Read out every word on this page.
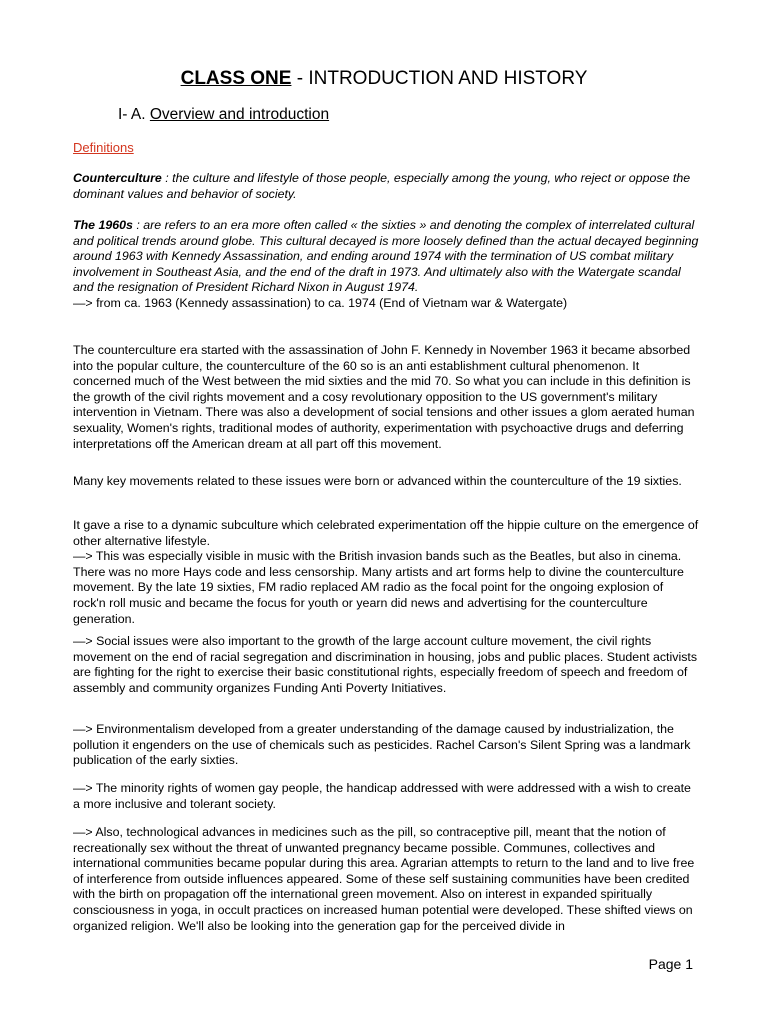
CLASS ONE - INTRODUCTION AND HISTORY
I- A. Overview and introduction
Definitions

Counterculture : the culture and lifestyle of those people, especially among the young, who reject or oppose the dominant values and behavior of society.

The 1960s : are refers to an era more often called « the sixties » and denoting the complex of interrelated cultural and political trends around globe. This cultural decayed is more loosely defined than the actual decayed beginning around 1963 with Kennedy Assassination, and ending around 1974 with the termination of US combat military involvement in Southeast Asia, and the end of the draft in 1973. And ultimately also with the Watergate scandal and the resignation of President Richard Nixon in August 1974.
—> from ca. 1963 (Kennedy assassination) to ca. 1974 (End of Vietnam war & Watergate)

The counterculture era started with the assassination of John F. Kennedy in November 1963 it became absorbed into the popular culture, the counterculture of the 60 so is an anti establishment cultural phenomenon. It concerned much of the West between the mid sixties and the mid 70. So what you can include in this definition is the growth of the civil rights movement and a cosy revolutionary opposition to the US government's military intervention in Vietnam. There was also a development of social tensions and other issues a glom aerated human sexuality, Women's rights, traditional modes of authority, experimentation with psychoactive drugs and deferring interpretations off the American dream at all part off this movement.

Many key movements related to these issues were born or advanced within the counterculture of the 19 sixties.

It gave a rise to a dynamic subculture which celebrated experimentation off the hippie culture on the emergence of other alternative lifestyle.
—> This was especially visible in music with the British invasion bands such as the Beatles, but also in cinema. There was no more Hays code and less censorship. Many artists and art forms help to divine the counterculture movement. By the late 19 sixties, FM radio replaced AM radio as the focal point for the ongoing explosion of rock'n roll music and became the focus for youth or yearn did news and advertising for the counterculture generation.

—> Social issues were also important to the growth of the large account culture movement, the civil rights movement on the end of racial segregation and discrimination in housing, jobs and public places. Student activists are fighting for the right to exercise their basic constitutional rights, especially freedom of speech and freedom of assembly and community organizes Funding Anti Poverty Initiatives.

—> Environmentalism developed from a greater understanding of the damage caused by industrialization, the pollution it engenders on the use of chemicals such as pesticides. Rachel Carson's Silent Spring was a landmark publication of the early sixties.

—> The minority rights of women gay people, the handicap addressed with were addressed with a wish to create a more inclusive and tolerant society.

—> Also, technological advances in medicines such as the pill, so contraceptive pill, meant that the notion of recreationally sex without the threat of unwanted pregnancy became possible. Communes, collectives and international communities became popular during this area. Agrarian attempts to return to the land and to live free of interference from outside influences appeared. Some of these self sustaining communities have been credited with the birth on propagation off the international green movement. Also on interest in expanded spiritually consciousness in yoga, in occult practices on increased human potential were developed. These shifted views on organized religion. We'll also be looking into the generation gap for the perceived divide in

Page 1
